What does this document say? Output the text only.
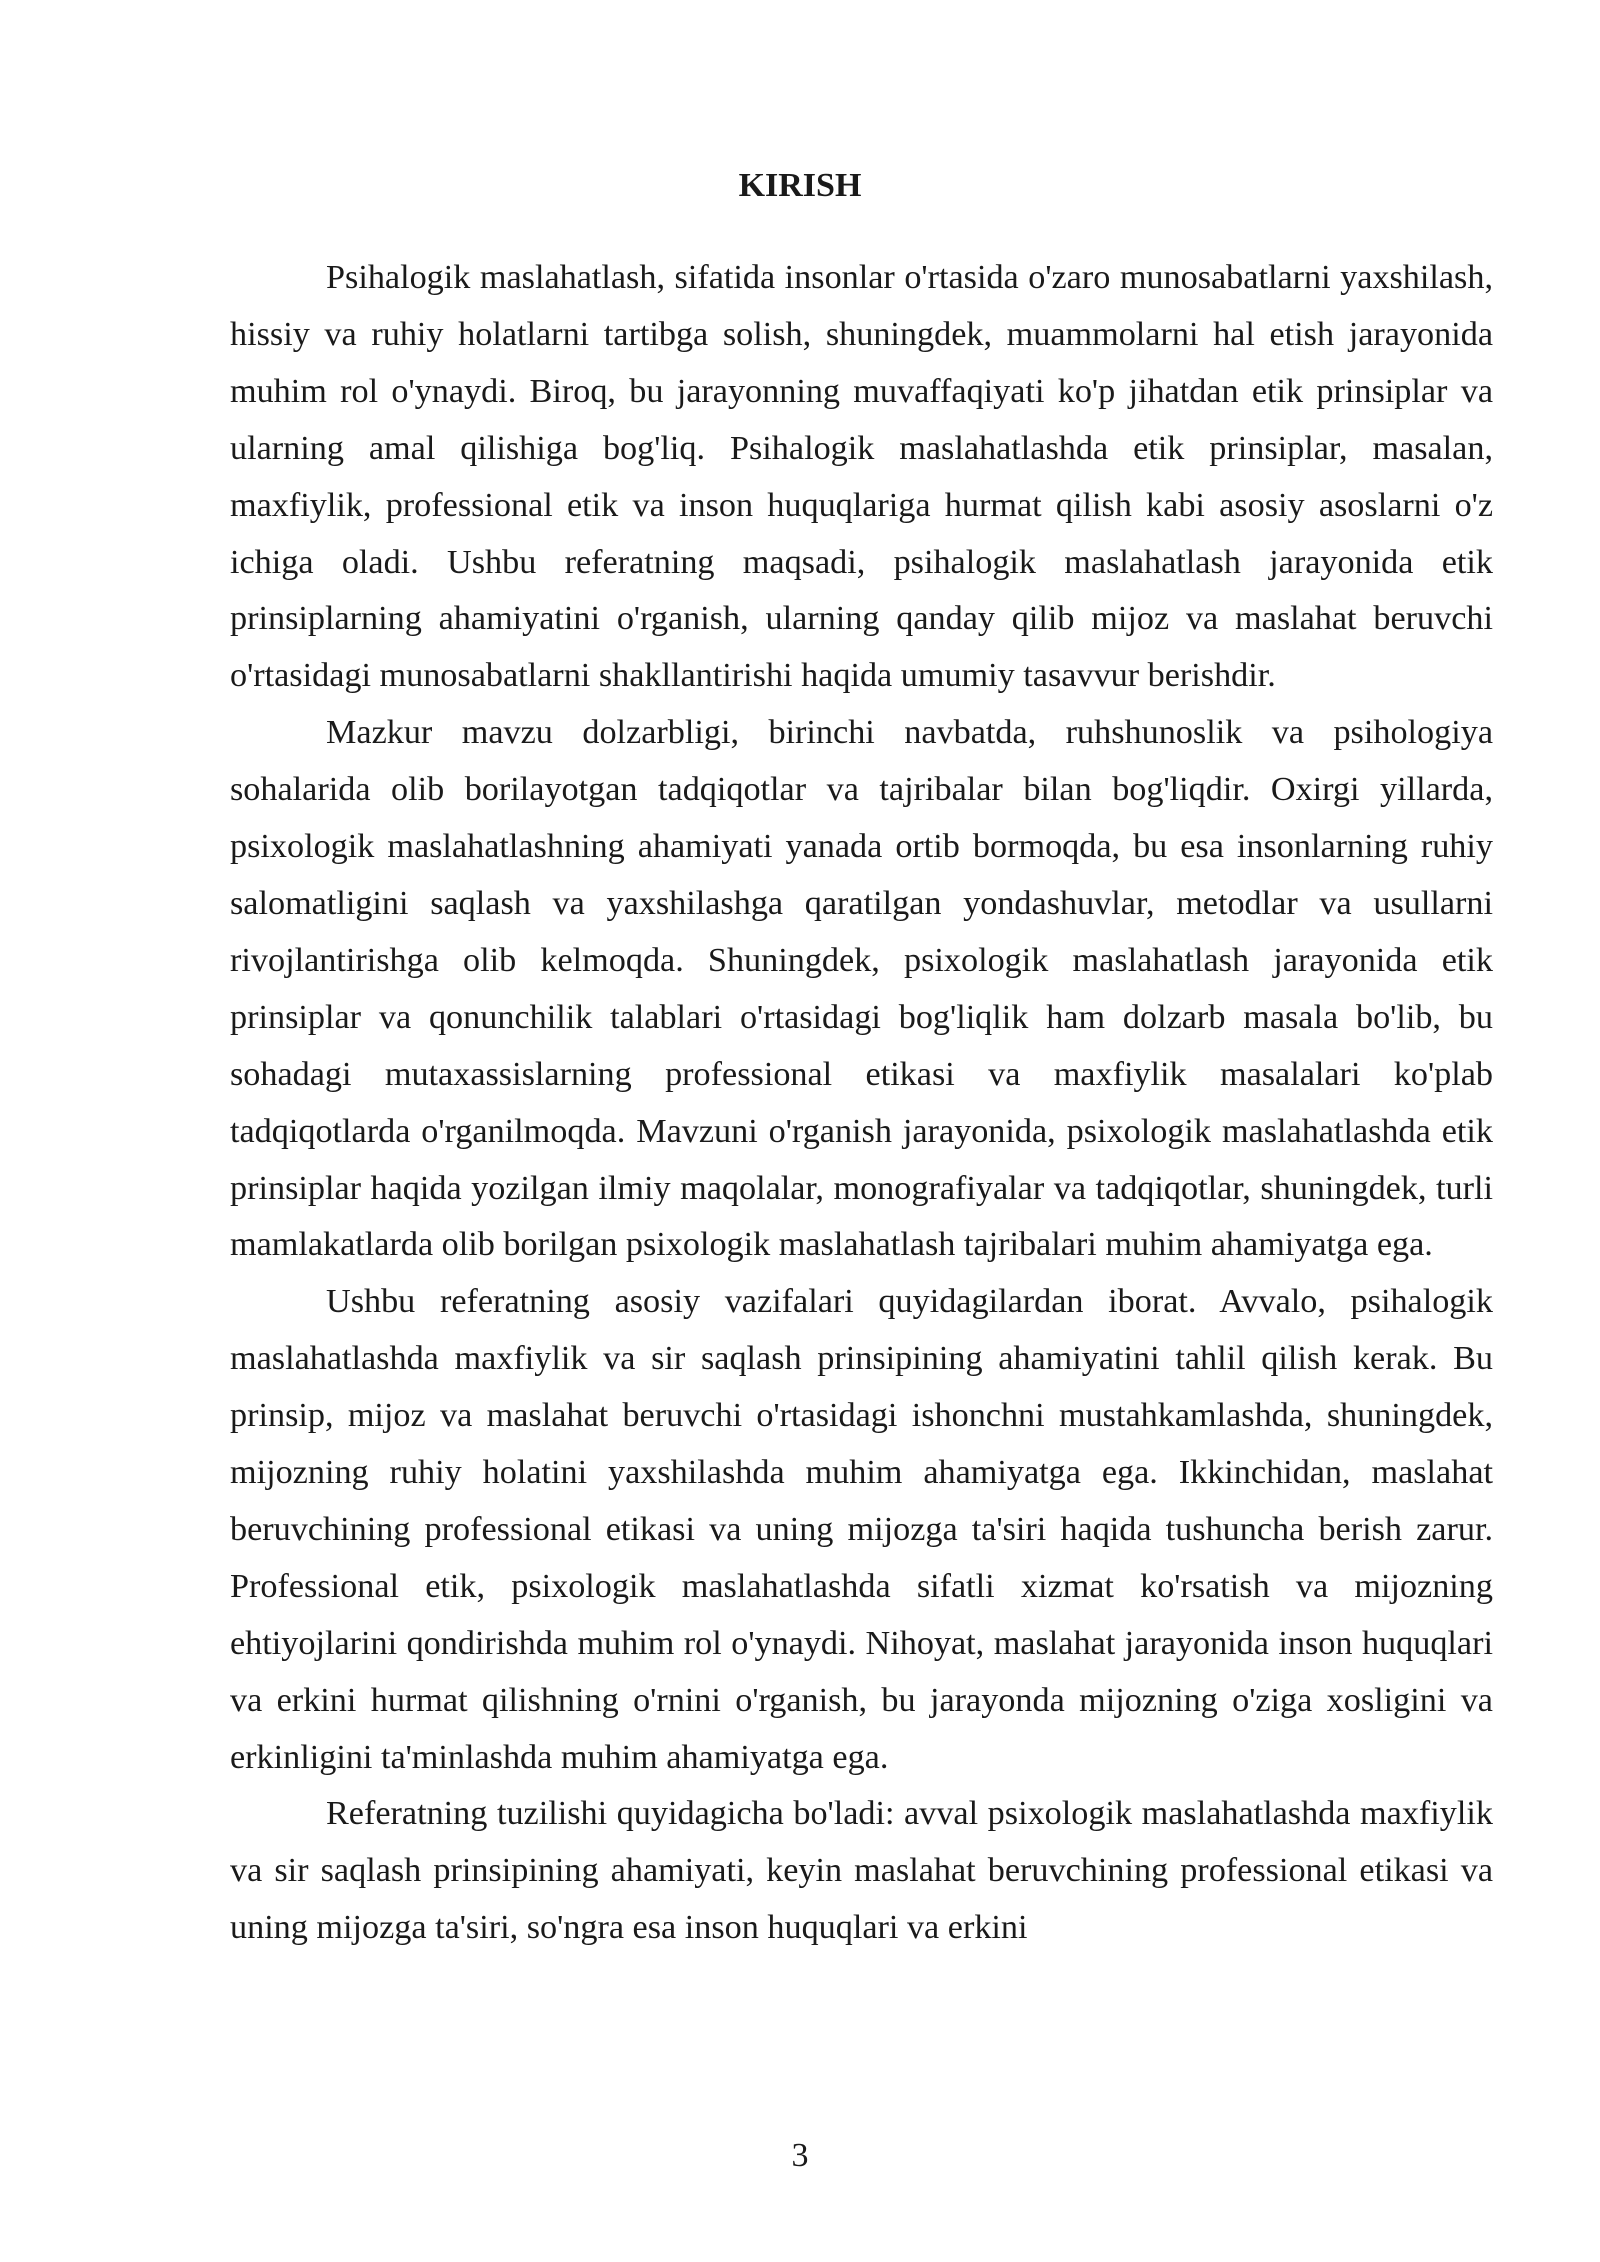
KIRISH

Psihalogik maslahatlash, sifatida insonlar o'rtasida o'zaro munosabatlarni yaxshilash, hissiy va ruhiy holatlarni tartibga solish, shuningdek, muammolarni hal etish jarayonida muhim rol o'ynaydi. Biroq, bu jarayonning muvaffaqiyati ko'p jihatdan etik prinsiplar va ularning amal qilishiga bog'liq. Psihalogik maslahatlashda etik prinsiplar, masalan, maxfiylik, professional etik va inson huquqlariga hurmat qilish kabi asosiy asoslarni o'z ichiga oladi. Ushbu referatning maqsadi, psihalogik maslahatlash jarayonida etik prinsiplarning ahamiyatini o'rganish, ularning qanday qilib mijoz va maslahat beruvchi o'rtasidagi munosabatlarni shakllantirishi haqida umumiy tasavvur berishdir.

Mazkur mavzu dolzarbligi, birinchi navbatda, ruhshunoslik va psihologiya sohalarida olib borilayotgan tadqiqotlar va tajribalar bilan bog'liqdir. Oxirgi yillarda, psixologik maslahatlashning ahamiyati yanada ortib bormoqda, bu esa insonlarning ruhiy salomatligini saqlash va yaxshilashga qaratilgan yondashuvlar, metodlar va usullarni rivojlantirishga olib kelmoqda. Shuningdek, psixologik maslahatlash jarayonida etik prinsiplar va qonunchilik talablari o'rtasidagi bog'liqlik ham dolzarb masala bo'lib, bu sohadagi mutaxassislarning professional etikasi va maxfiylik masalalari ko'plab tadqiqotlarda o'rganilmoqda. Mavzuni o'rganish jarayonida, psixologik maslahatlashda etik prinsiplar haqida yozilgan ilmiy maqolalar, monografiyalar va tadqiqotlar, shuningdek, turli mamlakatlarda olib borilgan psixologik maslahatlash tajribalari muhim ahamiyatga ega.

Ushbu referatning asosiy vazifalari quyidagilardan iborat. Avvalo, psihalogik maslahatlashda maxfiylik va sir saqlash prinsipining ahamiyatini tahlil qilish kerak. Bu prinsip, mijoz va maslahat beruvchi o'rtasidagi ishonchni mustahkamlashda, shuningdek, mijozning ruhiy holatini yaxshilashda muhim ahamiyatga ega. Ikkinchidan, maslahat beruvchining professional etikasi va uning mijozga ta'siri haqida tushuncha berish zarur. Professional etik, psixologik maslahatlashda sifatli xizmat ko'rsatish va mijozning ehtiyojlarini qondirishda muhim rol o'ynaydi. Nihoyat, maslahat jarayonida inson huquqlari va erkini hurmat qilishning o'rnini o'rganish, bu jarayonda mijozning o'ziga xosligini va erkinligini ta'minlashda muhim ahamiyatga ega.

Referatning tuzilishi quyidagicha bo'ladi: avval psixologik maslahatlashda maxfiylik va sir saqlash prinsipining ahamiyati, keyin maslahat beruvchining professional etikasi va uning mijozga ta'siri, so'ngra esa inson huquqlari va erkini

3
